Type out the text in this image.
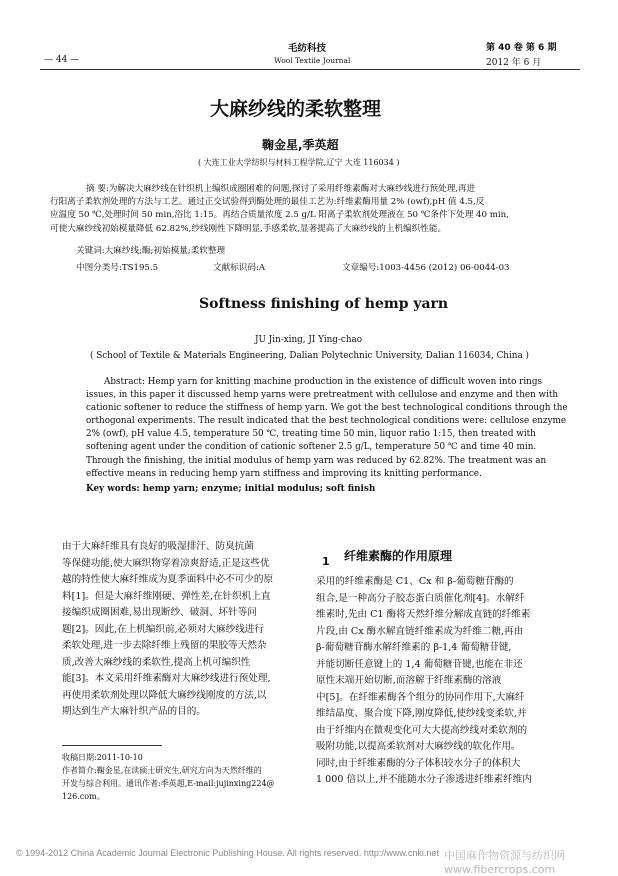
— 44 —
毛纺科技
Wool Textile Journal
第 40 卷 第 6 期
2012 年 6 月
大麻纱线的柔软整理
鞠金星,季英超
( 大连工业大学纺织与材料工程学院,辽宁 大连 116034 )
摘 要:为解决大麻纱线在针织机上编织成圈困难的问题,探讨了采用纤维素酶对大麻纱线进行预处理,再进
行阳离子柔软剂处理的方法与工艺。通过正交试验得到酶处理的最佳工艺为:纤维素酶用量 2% (owf),pH 值 4.5,反
应温度 50 ℃,处理时间 50 min,浴比 1:15。再结合质量浓度 2.5 g/L 阳离子柔软剂处理液在 50 ℃条件下处理 40 min,
可使大麻纱线初始模量降低 62.82%,纱线刚性下降明显,手感柔软,显著提高了大麻纱线的上机编织性能。
关键词:大麻纱线;酶;初始模量;柔软整理
中图分类号:TS195.5	文献标识码:A	文章编号:1003-4456 (2012) 06-0044-03
Softness finishing of hemp yarn
JU Jin-xing, JI Ying-chao
( School of Textile & Materials Engineering, Dalian Polytechnic University, Dalian 116034, China )
Abstract: Hemp yarn for knitting machine production in the existence of difficult woven into rings
issues, in this paper it discussed hemp yarns were pretreatment with cellulose and enzyme and then with
cationic softener to reduce the stiffness of hemp yarn. We got the best technological conditions through the
orthogonal experiments. The result indicated that the best technological conditions were: cellulose enzyme
2% (owf), pH value 4.5, temperature 50 ℃, treating time 50 min, liquor ratio 1:15, then treated with
softening agent under the condition of cationic softener 2.5 g/L, temperature 50 ℃ and time 40 min.
Through the finishing, the initial modulus of hemp yarn was reduced by 62.82%. The treatment was an
effective means in reducing hemp yarn stiffness and improving its knitting performance.
Key words: hemp yarn; enzyme; initial modulus; soft finish
由于大麻纤维具有良好的吸湿排汗、防臭抗菌
等保健功能,使大麻织物穿着凉爽舒适,正是这些优
越的特性使大麻纤维成为夏季面料中必不可少的原
料[1]。但是大麻纤维刚硬、弹性差,在针织机上直
接编织成圈困难,易出现断纱、破洞、坏针等问
题[2]。因此,在上机编织前,必须对大麻纱线进行
柔软处理,进一步去除纤维上残留的果胶等天然杂
质,改善大麻纱线的柔软性,提高上机可编织性
能[3]。本文采用纤维素酶对大麻纱线进行预处理,
再使用柔软剂处理以降低大麻纱线刚度的方法,以
期达到生产大麻针织产品的目的。
收稿日期:2011-10-10
作者简介:鞠金星,在读硕士研究生,研究方向为天然纤维的
开发与综合利用。通讯作者:季英超,E-mail:jujinxing224@
126.com。
1 纤维素酶的作用原理
采用的纤维素酶是 C1、Cx 和 β-葡萄糖苷酶的
组合,是一种高分子胶态蛋白质催化剂[4]。水解纤
维素时,先由 C1 酶将天然纤维分解成直链的纤维素
片段,由 Cx 酶水解直链纤维素成为纤维二糖,再由
β-葡萄糖苷酶水解纤维素的 β-1,4 葡萄糖苷键,
并能切断任意键上的 1,4 葡萄糖苷键,也能在非还
原性末端开始切断,而溶解于纤维素酶的溶液
中[5]。在纤维素酶各个组分的协同作用下,大麻纤
维结晶度、聚合度下降,刚度降低,使纱线变柔软,并
由于纤维内在微观变化可大大提高纱线对柔软剂的
吸附功能,以提高柔软剂对大麻纱线的软化作用。
同时,由于纤维素酶的分子体积较水分子的体积大
1 000 倍以上,并不能随水分子渗透进纤维素纤维内
© 1994-2012 China Academic Journal Electronic Publishing House. All rights reserved. http://www.cnki.net 中国麻作物资源与纺织网 www.fibercrops.com
